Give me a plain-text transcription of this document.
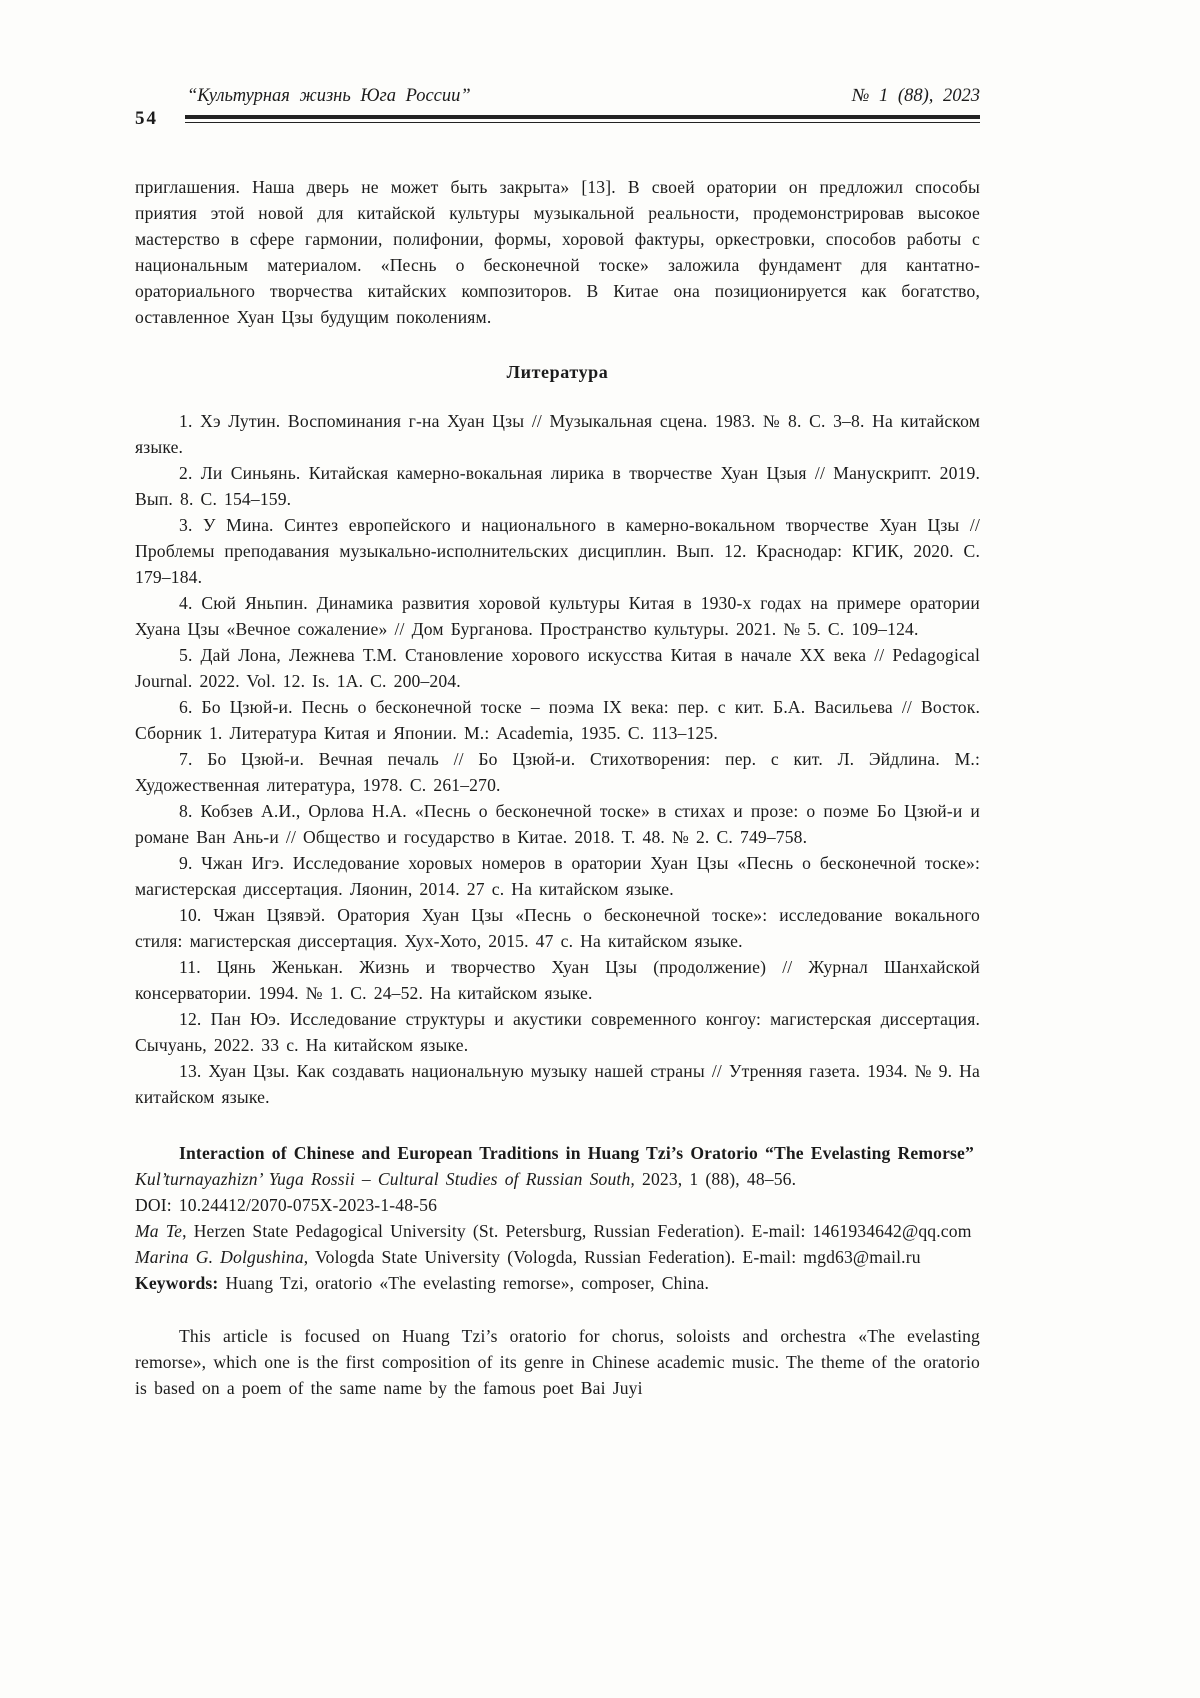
“Культурная жизнь Юга России”	№ 1 (88), 2023
54

приглашения. Наша дверь не может быть закрыта» [13]. В своей оратории он предложил способы приятия этой новой для китайской культуры музыкальной реальности, продемонстрировав высокое мастерство в сфере гармонии, полифонии, формы, хоровой фактуры, оркестровки, способов работы с национальным материалом. «Песнь о бесконечной тоске» заложила фундамент для кантатно-ораториального творчества китайских композиторов. В Китае она позиционируется как богатство, оставленное Хуан Цзы будущим поколениям.

Литература

1. Хэ Лутин. Воспоминания г-на Хуан Цзы // Музыкальная сцена. 1983. № 8. С. 3–8. На китайском языке.

2. Ли Синьянь. Китайская камерно-вокальная лирика в творчестве Хуан Цзыя // Манускрипт. 2019. Вып. 8. С. 154–159.

3. У Мина. Синтез европейского и национального в камерно-вокальном творчестве Хуан Цзы // Проблемы преподавания музыкально-исполнительских дисциплин. Вып. 12. Краснодар: КГИК, 2020. С. 179–184.

4. Сюй Яньпин. Динамика развития хоровой культуры Китая в 1930-х годах на примере оратории Хуана Цзы «Вечное сожаление» // Дом Бурганова. Пространство культуры. 2021. № 5. С. 109–124.

5. Дай Лона, Лежнева Т.М. Становление хорового искусства Китая в начале XX века // Pedagogical Journal. 2022. Vol. 12. Is. 1A. С. 200–204.

6. Бо Цзюй-и. Песнь о бесконечной тоске – поэма IX века: пер. с кит. Б.А. Васильева // Восток. Сборник 1. Литература Китая и Японии. М.: Academia, 1935. С. 113–125.

7. Бо Цзюй-и. Вечная печаль // Бо Цзюй-и. Стихотворения: пер. с кит. Л. Эйдлина. М.: Художественная литература, 1978. С. 261–270.

8. Кобзев А.И., Орлова Н.А. «Песнь о бесконечной тоске» в стихах и прозе: о поэме Бо Цзюй-и и романе Ван Ань-и // Общество и государство в Китае. 2018. Т. 48. № 2. С. 749–758.

9. Чжан Игэ. Исследование хоровых номеров в оратории Хуан Цзы «Песнь о бесконечной тоске»: магистерская диссертация. Ляонин, 2014. 27 с. На китайском языке.

10. Чжан Цзявэй. Оратория Хуан Цзы «Песнь о бесконечной тоске»: исследование вокального стиля: магистерская диссертация. Хух-Хото, 2015. 47 с. На китайском языке.

11. Цянь Женькан. Жизнь и творчество Хуан Цзы (продолжение) // Журнал Шанхайской консерватории. 1994. № 1. С. 24–52. На китайском языке.

12. Пан Юэ. Исследование структуры и акустики современного конгоу: магистерская диссертация. Сычуань, 2022. 33 с. На китайском языке.

13. Хуан Цзы. Как создавать национальную музыку нашей страны // Утренняя газета. 1934. № 9. На китайском языке.

Interaction of Chinese and European Traditions in Huang Tzi’s Oratorio “The Evelasting Remorse”

Kul’turnayazhizn’ Yuga Rossii – Cultural Studies of Russian South, 2023, 1 (88), 48–56.

DOI: 10.24412/2070-075X-2023-1-48-56

Ma Te, Herzen State Pedagogical University (St. Petersburg, Russian Federation). E-mail: 1461934642@qq.com

Marina G. Dolgushina, Vologda State University (Vologda, Russian Federation). E-mail: mgd63@mail.ru

Keywords: Huang Tzi, oratorio «The evelasting remorse», composer, China.

This article is focused on Huang Tzi’s oratorio for chorus, soloists and orchestra «The evelasting remorse», which one is the first composition of its genre in Chinese academic music. The theme of the oratorio is based on a poem of the same name by the famous poet Bai Juyi
